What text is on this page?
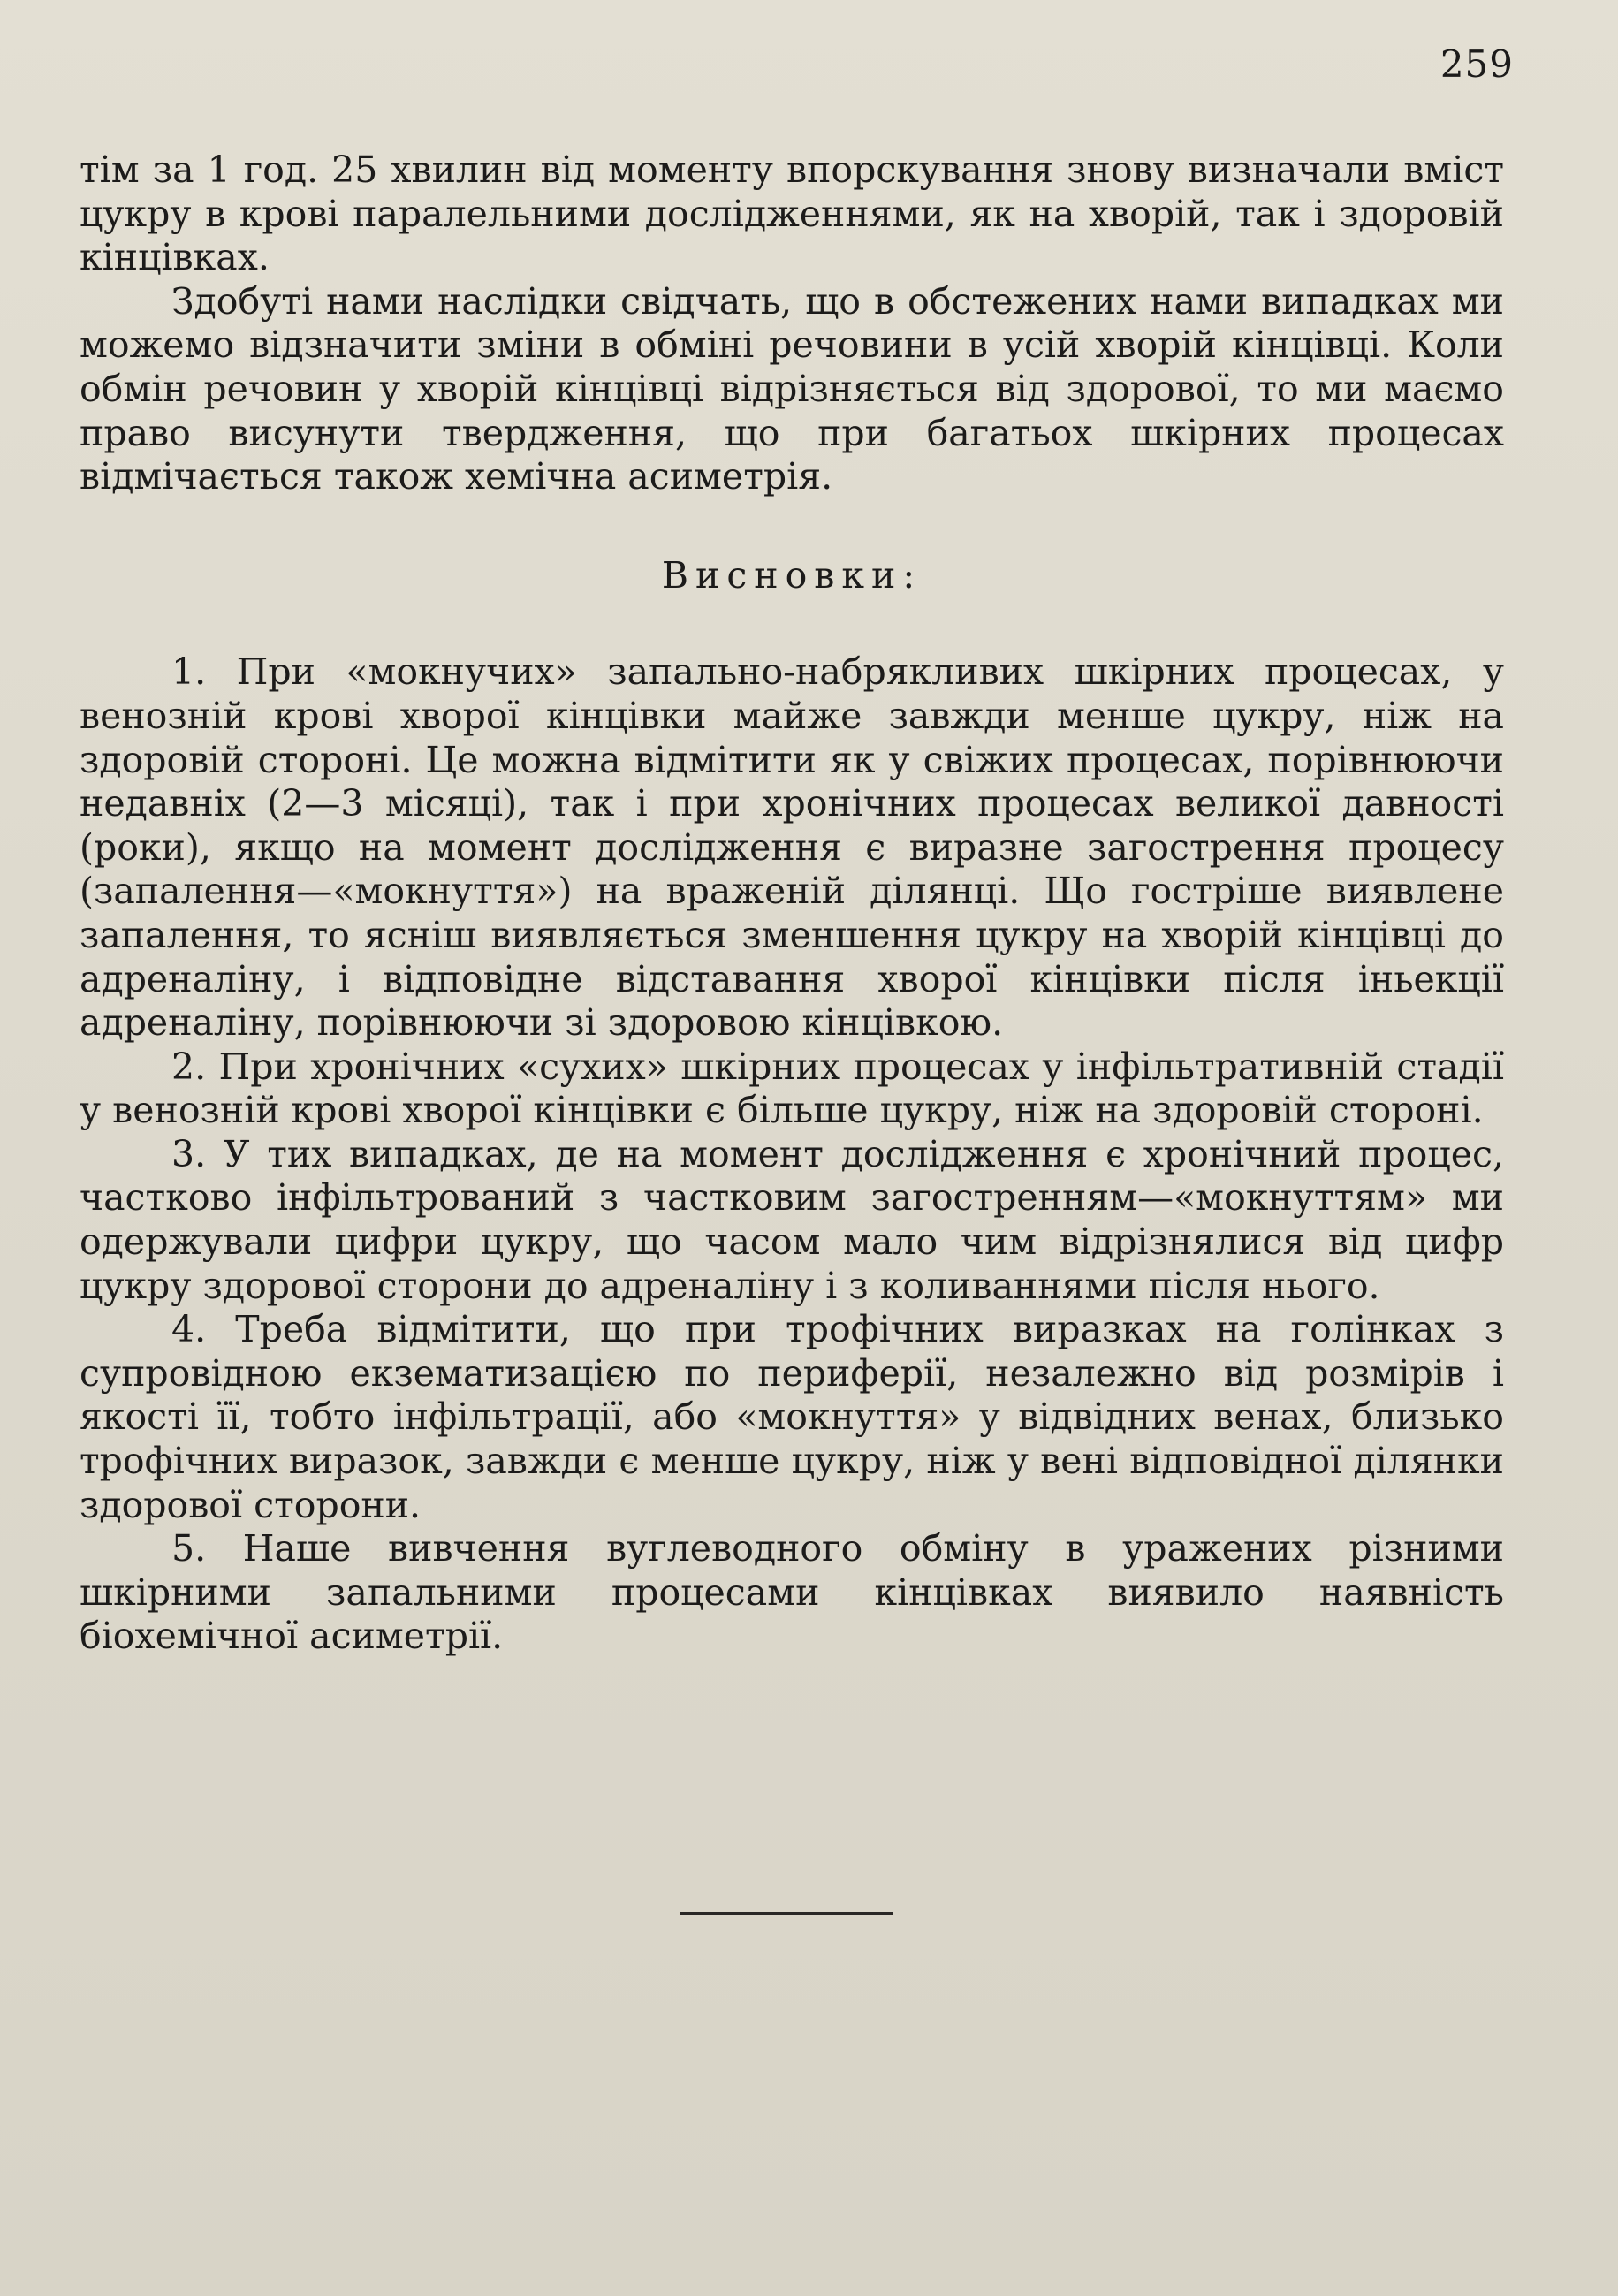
259

тім за 1 год. 25 хвилин від моменту впорскування знову визначали вміст цукру в крові паралельними дослідженнями, як на хворій, так і здоровій кінцівках.

Здобуті нами наслідки свідчать, що в обстежених нами випадках ми можемо відзначити зміни в обміні речовини в усій хворій кінцівці. Коли обмін речовин у хворій кінцівці відрізняється від здорової, то ми маємо право висунути твердження, що при багатьох шкірних процесах відмічається також хемічна асиметрія.

Висновки:

1. При «мокнучих» запально-набрякливих шкірних процесах, у венозній крові хворої кінцівки майже завжди менше цукру, ніж на здоровій стороні. Це можна відмітити як у свіжих процесах, порівнюючи недавніх (2—3 місяці), так і при хронічних процесах великої давності (роки), якщо на момент дослідження є виразне загострення процесу (запалення—«мокнуття») на враженій ділянці. Що гостріше виявлене запалення, то ясніш виявляється зменшення цукру на хворій кінцівці до адреналіну, і відповідне відставання хворої кінцівки після іньекції адреналіну, порівнюючи зі здоровою кінцівкою.

2. При хронічних «сухих» шкірних процесах у інфільтративній стадії у венозній крові хворої кінцівки є більше цукру, ніж на здоровій стороні.

3. У тих випадках, де на момент дослідження є хронічний процес, частково інфільтрований з частковим загостренням—«мокнуттям» ми одержували цифри цукру, що часом мало чим відрізнялися від цифр цукру здорової сторони до адреналіну і з коливаннями після нього.

4. Треба відмітити, що при трофічних виразках на голінках з супровідною екзематизацією по периферії, незалежно від розмірів і якості її, тобто інфільтрації, або «мокнуття» у відвідних венах, близько трофічних виразок, завжди є менше цукру, ніж у вені відповідної ділянки здорової сторони.

5. Наше вивчення вуглеводного обміну в уражених різними шкірними запальними процесами кінцівках виявило наявність біохемічної асиметрії.
